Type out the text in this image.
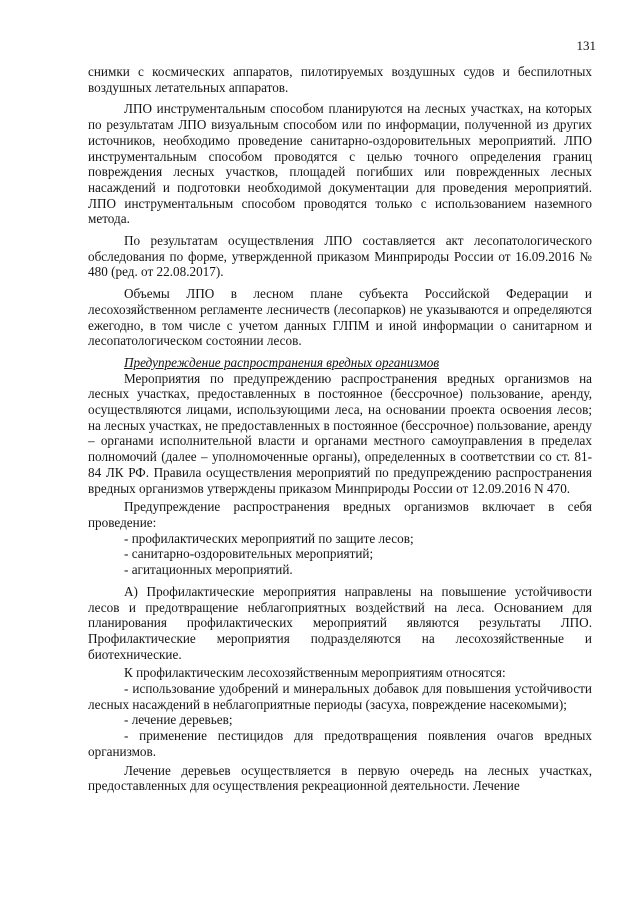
131

снимки с космических аппаратов, пилотируемых воздушных судов и беспилотных воздушных летательных аппаратов.

ЛПО инструментальным способом планируются на лесных участках, на которых по результатам ЛПО визуальным способом или по информации, полученной из других источников, необходимо проведение санитарно-оздоровительных мероприятий. ЛПО инструментальным способом проводятся с целью точного определения границ повреждения лесных участков, площадей погибших или поврежденных лесных насаждений и подготовки необходимой документации для проведения мероприятий. ЛПО инструментальным способом проводятся только с использованием наземного метода.

По результатам осуществления ЛПО составляется акт лесопатологического обследования по форме, утвержденной приказом Минприроды России от 16.09.2016 № 480 (ред. от 22.08.2017).

Объемы ЛПО в лесном плане субъекта Российской Федерации и лесохозяйственном регламенте лесничеств (лесопарков) не указываются и определяются ежегодно, в том числе с учетом данных ГЛПМ и иной информации о санитарном и лесопатологическом состоянии лесов.

Предупреждение распространения вредных организмов

Мероприятия по предупреждению распространения вредных организмов на лесных участках, предоставленных в постоянное (бессрочное) пользование, аренду, осуществляются лицами, использующими леса, на основании проекта освоения лесов; на лесных участках, не предоставленных в постоянное (бессрочное) пользование, аренду – органами исполнительной власти и органами местного самоуправления в пределах полномочий (далее – уполномоченные органы), определенных в соответствии со ст. 81-84 ЛК РФ. Правила осуществления мероприятий по предупреждению распространения вредных организмов утверждены приказом Минприроды России от 12.09.2016 N 470.

Предупреждение распространения вредных организмов включает в себя проведение:

- профилактических мероприятий по защите лесов;

- санитарно-оздоровительных мероприятий;

- агитационных мероприятий.

А) Профилактические мероприятия направлены на повышение устойчивости лесов и предотвращение неблагоприятных воздействий на леса. Основанием для планирования профилактических мероприятий являются результаты ЛПО. Профилактические мероприятия подразделяются на лесохозяйственные и биотехнические.

К профилактическим лесохозяйственным мероприятиям относятся:

- использование удобрений и минеральных добавок для повышения устойчивости лесных насаждений в неблагоприятные периоды (засуха, повреждение насекомыми);

- лечение деревьев;

- применение пестицидов для предотвращения появления очагов вредных организмов.

Лечение деревьев осуществляется в первую очередь на лесных участках, предоставленных для осуществления рекреационной деятельности. Лечение
